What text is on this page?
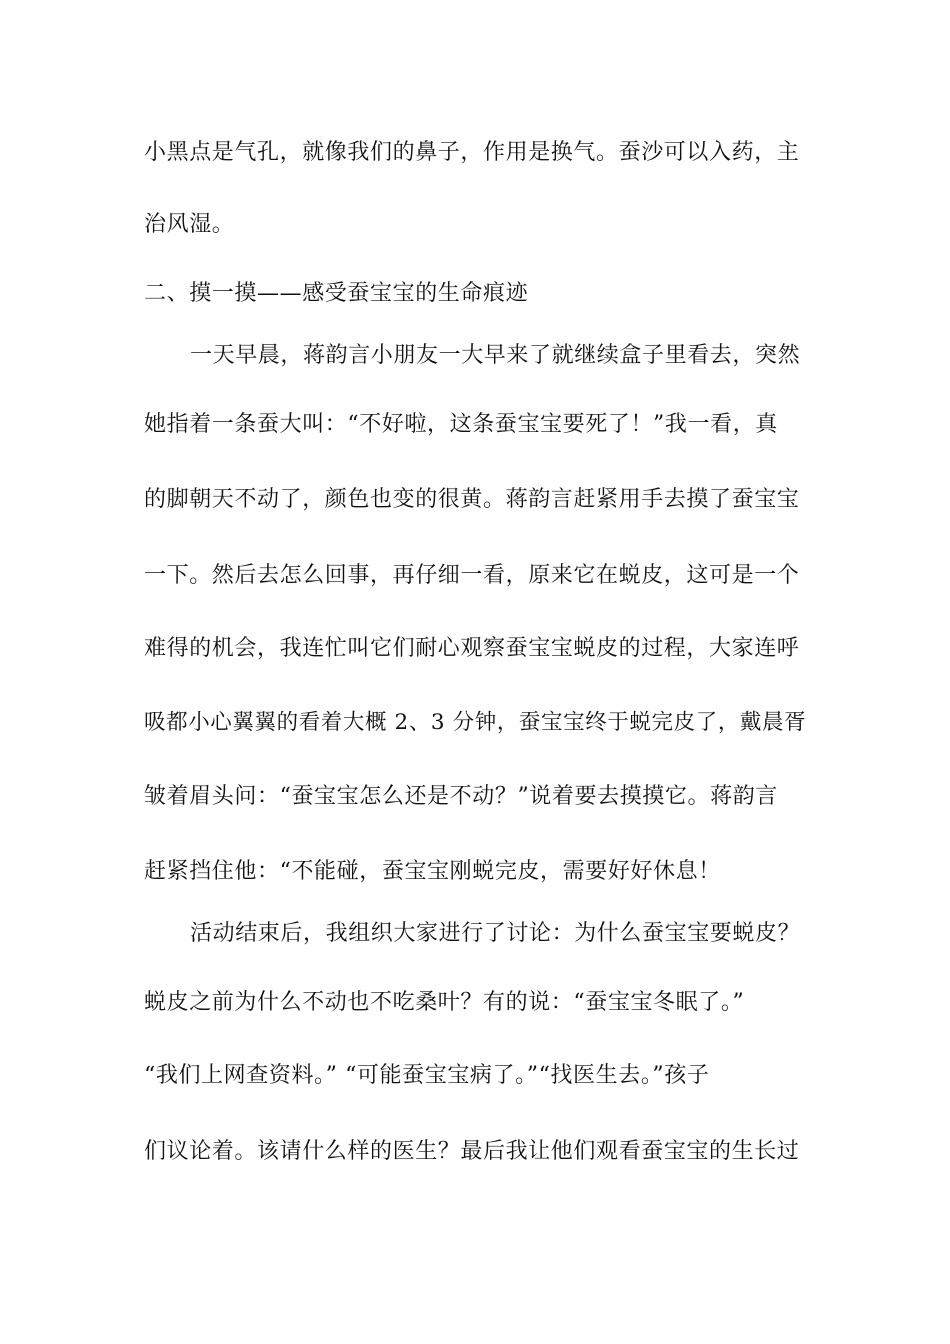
小黑点是气孔，就像我们的鼻子，作用是换气。蚕沙可以入药，主
治风湿。
二、摸一摸——感受蚕宝宝的生命痕迹
一天早晨，蒋韵言小朋友一大早来了就继续盒子里看去，突然
她指着一条蚕大叫：“不好啦，这条蚕宝宝要死了！”我一看，真
的脚朝天不动了，颜色也变的很黄。蒋韵言赶紧用手去摸了蚕宝宝
一下。然后去怎么回事，再仔细一看，原来它在蜕皮，这可是一个
难得的机会，我连忙叫它们耐心观察蚕宝宝蜕皮的过程，大家连呼
吸都小心翼翼的看着大概 2、3 分钟，蚕宝宝终于蜕完皮了，戴晨胥
皱着眉头问：“蚕宝宝怎么还是不动？”说着要去摸摸它。蒋韵言
赶紧挡住他：“不能碰，蚕宝宝刚蜕完皮，需要好好休息！
活动结束后，我组织大家进行了讨论：为什么蚕宝宝要蜕皮？
蜕皮之前为什么不动也不吃桑叶？有的说：“蚕宝宝冬眠了。”
“我们上网查资料。” “可能蚕宝宝病了。”“找医生去。”孩子
们议论着。该请什么样的医生？最后我让他们观看蚕宝宝的生长过
